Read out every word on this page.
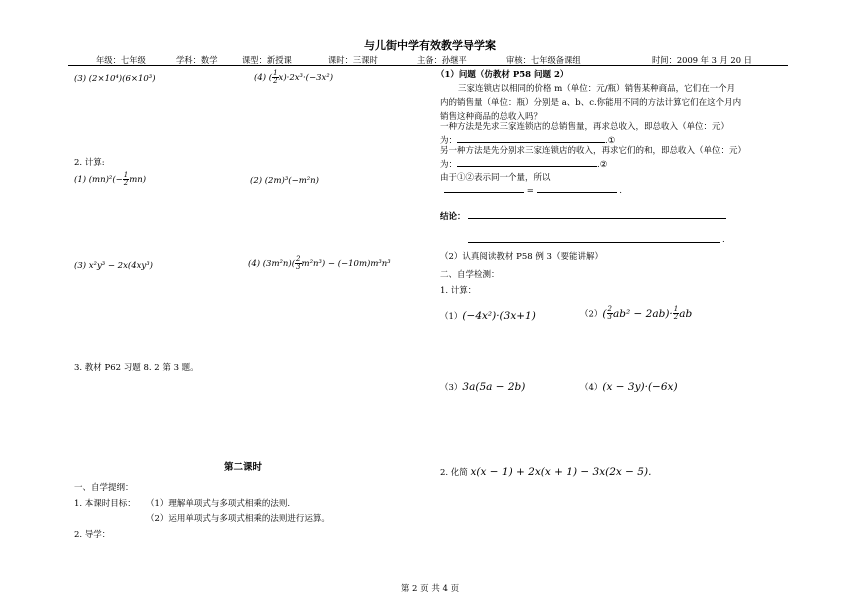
与儿街中学有效教学导学案
年级：七年级	学科：数学	课型：新授课	课时：三课时	主备：孙继平	审核：七年级备课组	时间：2009 年 3 月 20 日
(3) (2×10⁴)(6×10³)	(4) ( $\frac{1}{2} x)\cdot 2x^3\cdot(-3x^2)$
2. 计算:
(1) $(mn)^2(- \frac{1}{2} mn)$	(2) (2m)³(−m²n)
(3) x²y³ − 2x(4xy³)	(4) $(3m^2n)( \frac{2}{3} m^2n^3) - (-10m)m^3n^3$
3. 教材 P62 习题 8. 2 第 3 题。
第二课时
一、自学提纲：
1. 本课时目标： （1）理解单项式与多项式相乘的法则.
（2）运用单项式与多项式相乘的法则进行运算。
2. 导学：
（1）问题（仿教材 P58 问题 2）
三家连锁店以相同的价格 m（单位：元/瓶）销售某种商品，它们在一个月
内的销售量（单位：瓶）分别是 a、b、c.你能用不同的方法计算它们在这个月内
销售这种商品的总收入吗？
一种方法是先求三家连锁店的总销售量，再求总收入，即总收入（单位：元）
为：	.①
另一种方法是先分别求三家连锁店的收入，再求它们的和，即总收入（单位：元）
为：	.②
由于①②表示同一个量，所以
=	.
结论：
.
（2）认真阅读教材 P58 例 3（要能讲解）
二、自学检测：
1. 计算：
（1）(−4x²)·(3x+1)	$(2)( \frac{2}{3} ab^2 - 2ab)\cdot \frac{1}{2}$ ab
（3）3a(5a − 2b)	（4）(x − 3y)·(−6x)
2. 化简 x(x − 1) + 2x(x + 1) − 3x(2x − 5).
第 2 页 共 4 页
